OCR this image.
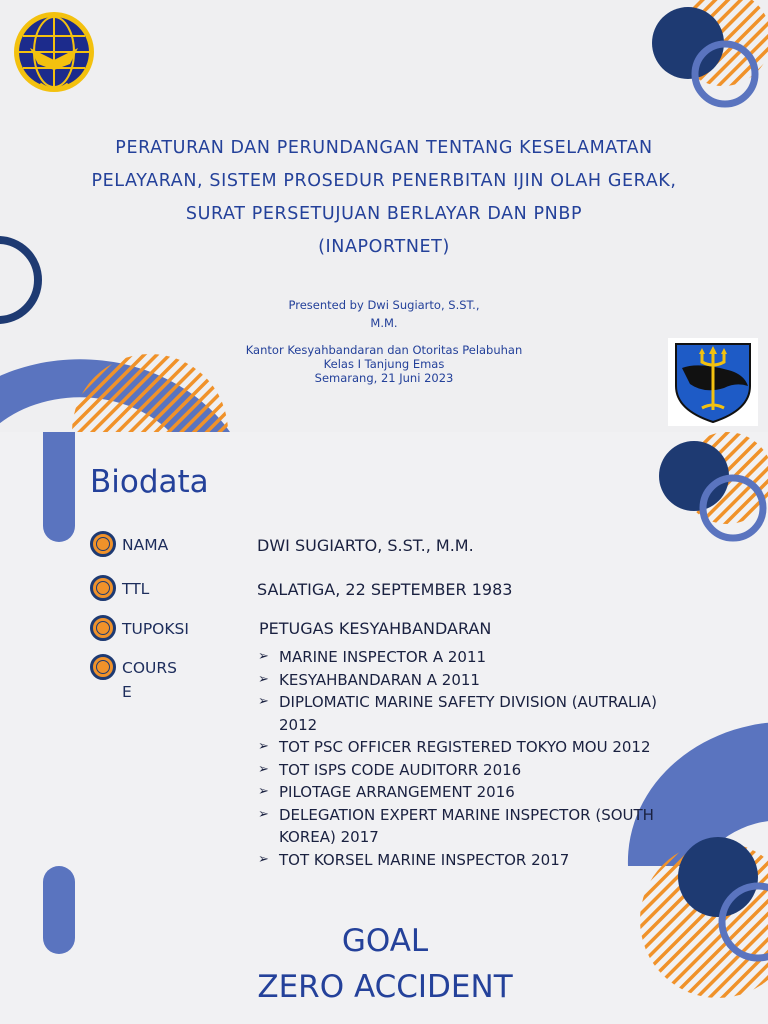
PERATURAN DAN PERUNDANGAN TENTANG KESELAMATAN
PELAYARAN, SISTEM PROSEDUR PENERBITAN IJIN OLAH GERAK,
SURAT PERSETUJUAN BERLAYAR DAN PNBP
(INAPORTNET)
Presented by Dwi Sugiarto, S.ST.,
M.M.
Kantor Kesyahbandaran dan Otoritas Pelabuhan
Kelas I Tanjung Emas
Semarang, 21 Juni 2023
Biodata
NAMA	DWI SUGIARTO, S.ST., M.M.
TTL	SALATIGA, 22 SEPTEMBER 1983
TUPOKSI	PETUGAS KESYAHBANDARAN
COURSE
➢ MARINE INSPECTOR A 2011
➢ KESYAHBANDARAN A 2011
➢ DIPLOMATIC MARINE SAFETY DIVISION (AUTRALIA) 2012
➢ TOT PSC OFFICER REGISTERED TOKYO MOU 2012
➢ TOT ISPS CODE AUDITORR 2016
➢ PILOTAGE ARRANGEMENT 2016
➢ DELEGATION EXPERT MARINE INSPECTOR (SOUTH KOREA) 2017
➢ TOT KORSEL MARINE INSPECTOR 2017
GOAL
ZERO ACCIDENT
